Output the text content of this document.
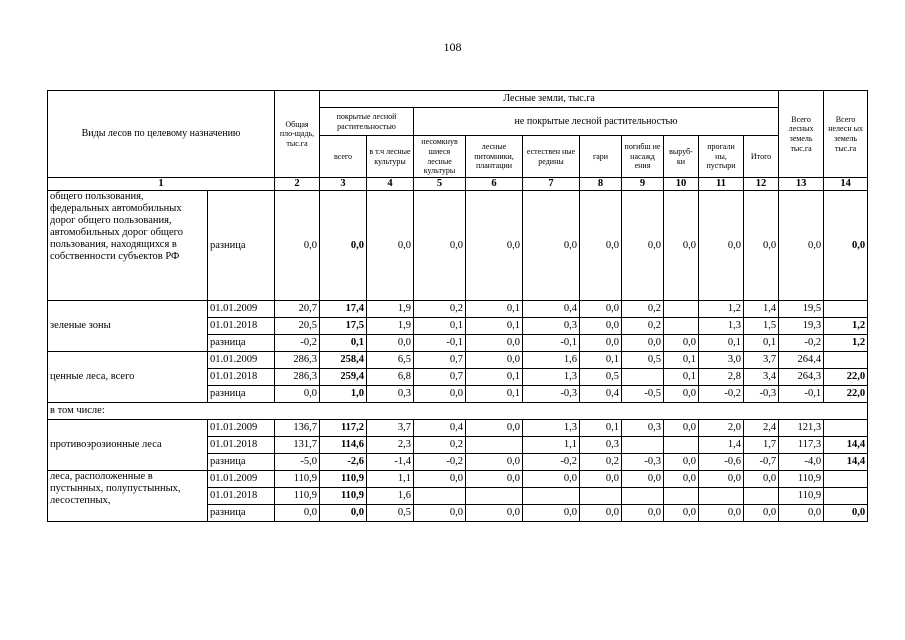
108
Виды лесов по целевому назначению		Общая пло-щадь, тыс.га	Лесные земли, тыс.га										Всего лесных земель тыс.га	Всего нелесн ых земель тыс.га
			покрытые лесной растительностью		не покрытые лесной растительностью									
			всего	в т.ч лесные культуры	несомкнув шиеся лесные культуры	лесные питомники, плантации	естествен ные редины	гари	погибш ие насажд ения	выруб-ки	прогали ны, пустыри	Итого		
1		2	3	4	5	6	7	8	9	10	11	12	13	14
общего пользования, федеральных автомобильных дорог общего пользования, автомобильных дорог общего пользования, находящихся в собственности субъектов РФ	разница	0,0	0,0	0,0	0,0	0,0	0,0	0,0	0,0	0,0	0,0	0,0	0,0	0,0
зеленые зоны	01.01.2009	20,7	17,4	1,9	0,2	0,1	0,4	0,0	0,2		1,2	1,4	19,5	
	01.01.2018	20,5	17,5	1,9	0,1	0,1	0,3	0,0	0,2		1,3	1,5	19,3	1,2
	разница	-0,2	0,1	0,0	-0,1	0,0	-0,1	0,0	0,0	0,0	0,1	0,1	-0,2	1,2
ценные леса, всего	01.01.2009	286,3	258,4	6,5	0,7	0,0	1,6	0,1	0,5	0,1	3,0	3,7	264,4	
	01.01.2018	286,3	259,4	6,8	0,7	0,1	1,3	0,5		0,1	2,8	3,4	264,3	22,0
	разница	0,0	1,0	0,3	0,0	0,1	-0,3	0,4	-0,5	0,0	-0,2	-0,3	-0,1	22,0
в том числе:														
противоэрозионные леса	01.01.2009	136,7	117,2	3,7	0,4	0,0	1,3	0,1	0,3	0,0	2,0	2,4	121,3	
	01.01.2018	131,7	114,6	2,3	0,2		1,1	0,3			1,4	1,7	117,3	14,4
	разница	-5,0	-2,6	-1,4	-0,2	0,0	-0,2	0,2	-0,3	0,0	-0,6	-0,7	-4,0	14,4
леса, расположенные в пустынных, полупустынных, лесостепных,	01.01.2009	110,9	110,9	1,1	0,0	0,0	0,0	0,0	0,0	0,0	0,0	0,0	110,9	
	01.01.2018	110,9	110,9	1,6									110,9	
	разница	0,0	0,0	0,5	0,0	0,0	0,0	0,0	0,0	0,0	0,0	0,0	0,0	0,0
